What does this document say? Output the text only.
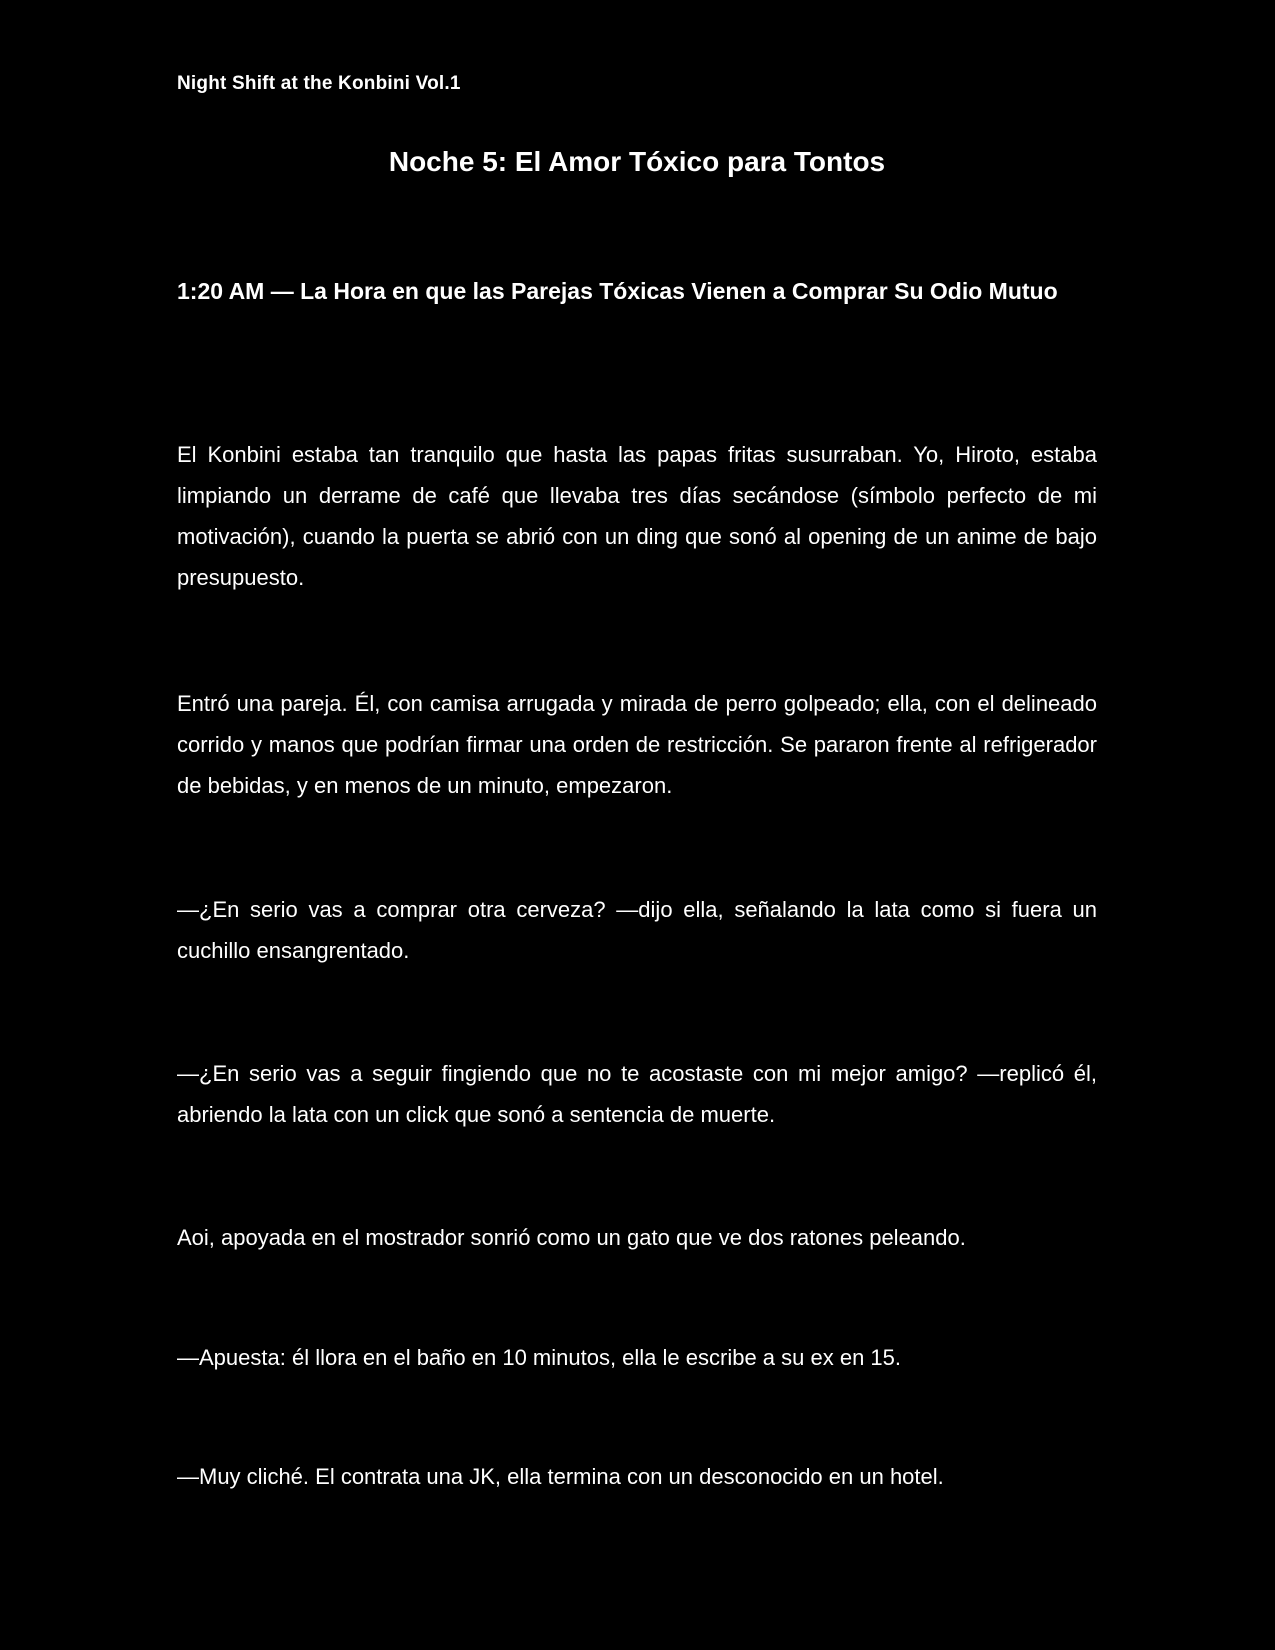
Night Shift at the Konbini Vol.1
Noche 5: El Amor Tóxico para Tontos
1:20 AM — La Hora en que las Parejas Tóxicas Vienen a Comprar Su Odio Mutuo

El Konbini estaba tan tranquilo que hasta las papas fritas susurraban. Yo, Hiroto, estaba limpiando un derrame de café que llevaba tres días secándose (símbolo perfecto de mi motivación), cuando la puerta se abrió con un ding que sonó al opening de un anime de bajo presupuesto.

Entró una pareja. Él, con camisa arrugada y mirada de perro golpeado; ella, con el delineado corrido y manos que podrían firmar una orden de restricción. Se pararon frente al refrigerador de bebidas, y en menos de un minuto, empezaron.

—¿En serio vas a comprar otra cerveza? —dijo ella, señalando la lata como si fuera un cuchillo ensangrentado.

—¿En serio vas a seguir fingiendo que no te acostaste con mi mejor amigo? —replicó él, abriendo la lata con un click que sonó a sentencia de muerte.

Aoi, apoyada en el mostrador sonrió como un gato que ve dos ratones peleando.

—Apuesta: él llora en el baño en 10 minutos, ella le escribe a su ex en 15.

—Muy cliché. El contrata una JK, ella termina con un desconocido en un hotel.
